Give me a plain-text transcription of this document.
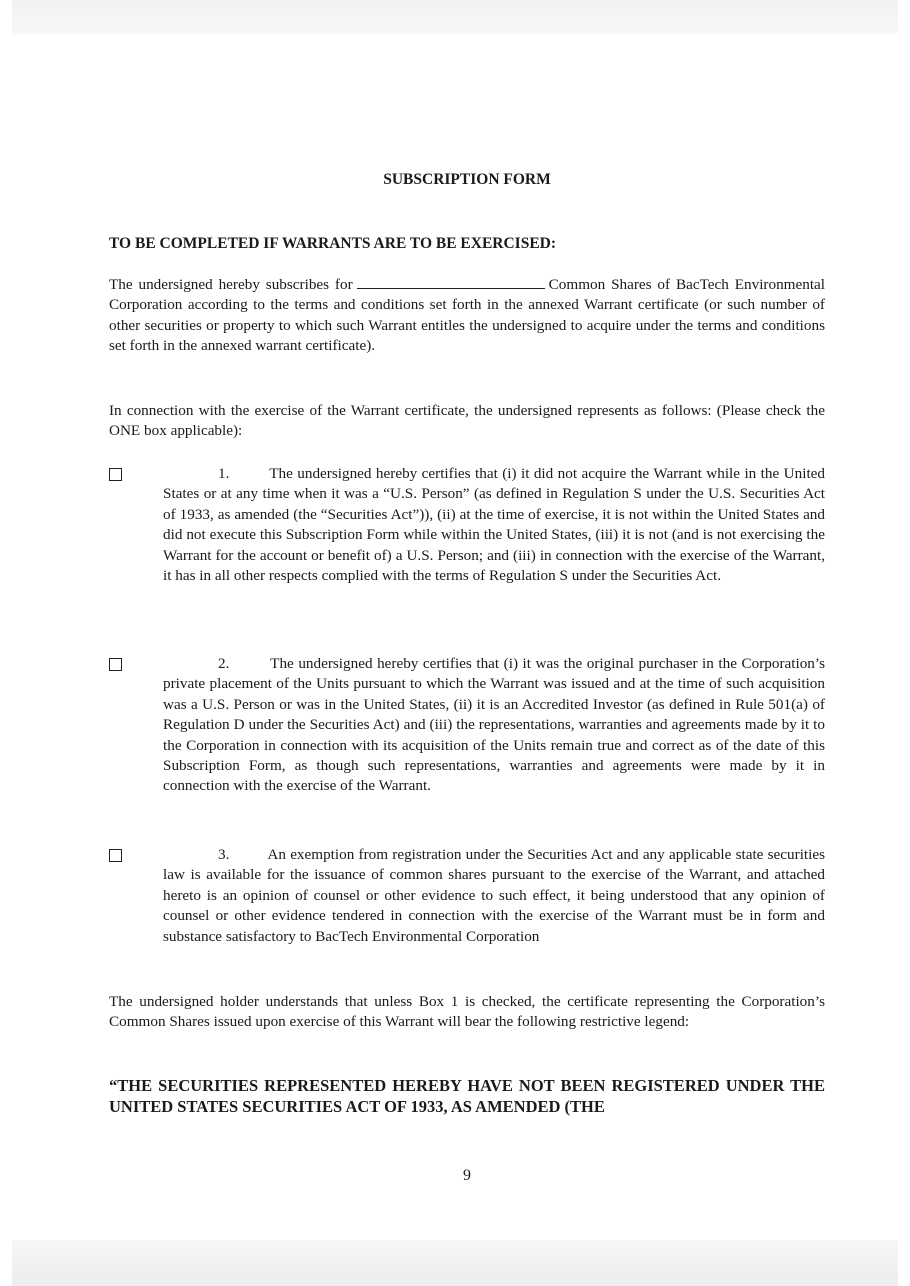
SUBSCRIPTION FORM
TO BE COMPLETED IF WARRANTS ARE TO BE EXERCISED:

The undersigned hereby subscribes for	Common Shares of BacTech Environmental Corporation according to the terms and conditions set forth in the annexed Warrant certificate (or such number of other securities or property to which such Warrant entitles the undersigned to acquire under the terms and conditions set forth in the annexed warrant certificate).

In connection with the exercise of the Warrant certificate, the undersigned represents as follows: (Please check the ONE box applicable):

1.	The undersigned hereby certifies that (i) it did not acquire the Warrant while in the United States or at any time when it was a “U.S. Person” (as defined in Regulation S under the U.S. Securities Act of 1933, as amended (the “Securities Act”)), (ii) at the time of exercise, it is not within the United States and did not execute this Subscription Form while within the United States, (iii) it is not (and is not exercising the Warrant for the account or benefit of) a U.S. Person; and (iii) in connection with the exercise of the Warrant, it has in all other respects complied with the terms of Regulation S under the Securities Act.

2.	The undersigned hereby certifies that (i) it was the original purchaser in the Corporation’s private placement of the Units pursuant to which the Warrant was issued and at the time of such acquisition was a U.S. Person or was in the United States, (ii) it is an Accredited Investor (as defined in Rule 501(a) of Regulation D under the Securities Act) and (iii) the representations, warranties and agreements made by it to the Corporation in connection with its acquisition of the Units remain true and correct as of the date of this Subscription Form, as though such representations, warranties and agreements were made by it in connection with the exercise of the Warrant.

3.	An exemption from registration under the Securities Act and any applicable state securities law is available for the issuance of common shares pursuant to the exercise of the Warrant, and attached hereto is an opinion of counsel or other evidence to such effect, it being understood that any opinion of counsel or other evidence tendered in connection with the exercise of the Warrant must be in form and substance satisfactory to BacTech Environmental Corporation

The undersigned holder understands that unless Box 1 is checked, the certificate representing the Corporation’s Common Shares issued upon exercise of this Warrant will bear the following restrictive legend:

“THE SECURITIES REPRESENTED HEREBY HAVE NOT BEEN REGISTERED UNDER THE UNITED STATES SECURITIES ACT OF 1933, AS AMENDED (THE

9
